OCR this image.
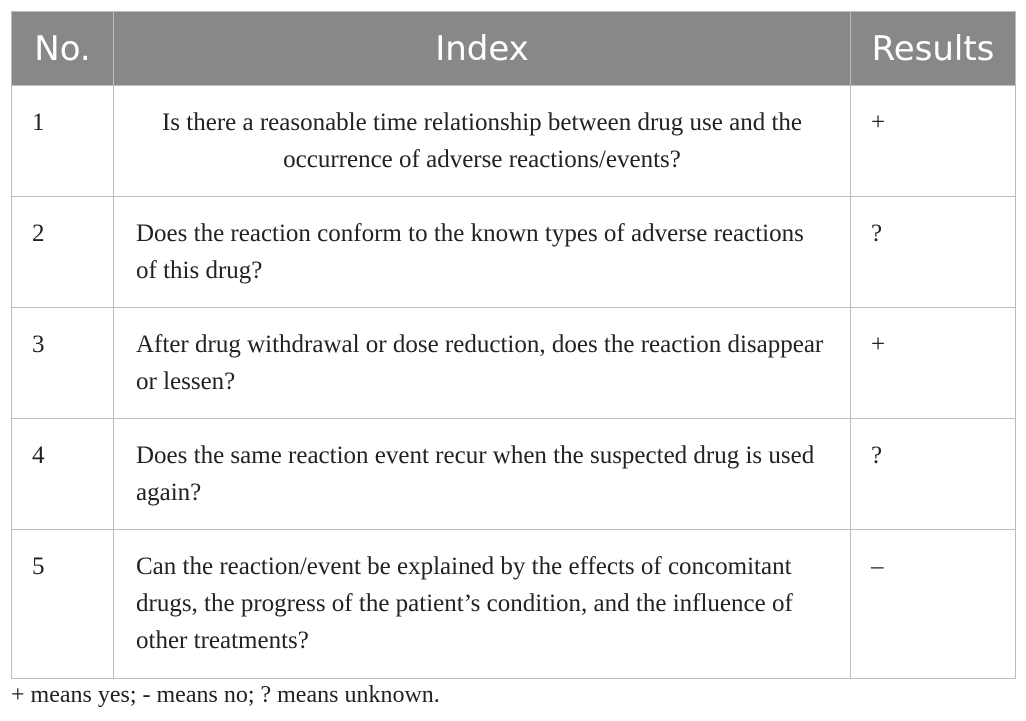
No.	Index	Results
1	Is there a reasonable time relationship between drug use and the occurrence of adverse reactions/events?	+
2	Does the reaction conform to the known types of adverse reactions of this drug?	?
3	After drug withdrawal or dose reduction, does the reaction disappear or lessen?	+
4	Does the same reaction event recur when the suspected drug is used again?	?
5	Can the reaction/event be explained by the effects of concomitant drugs, the progress of the patient’s condition, and the influence of other treatments?	–
+ means yes; - means no; ? means unknown.
